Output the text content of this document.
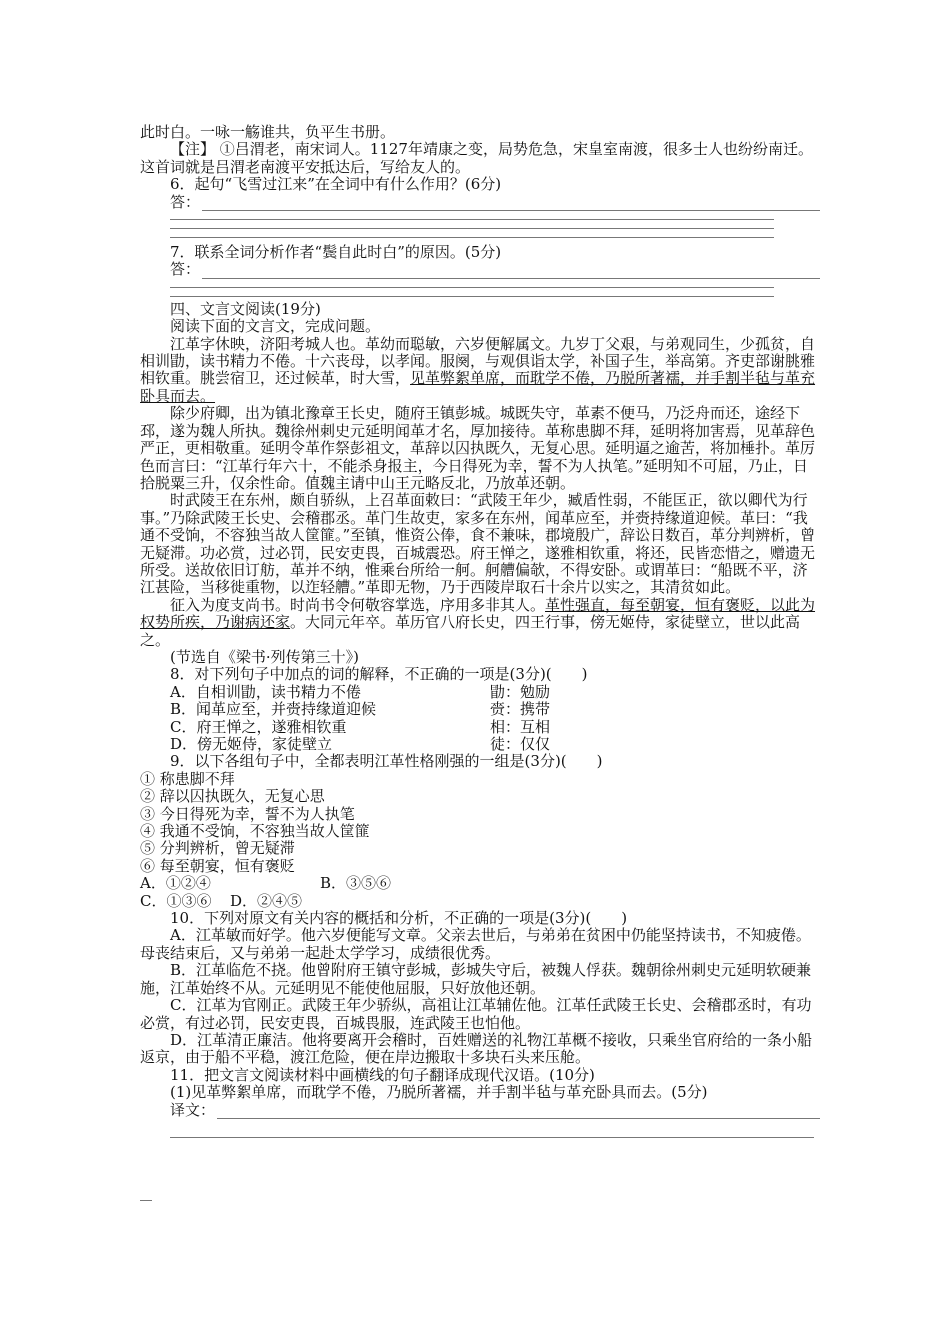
此时白。一咏一觞谁共，负平生书册。

【注】 ①吕渭老，南宋词人。1127年靖康之变，局势危急，宋皇室南渡，很多士人也纷纷南迁。这首词就是吕渭老南渡平安抵达后，写给友人的。

6．起句“飞雪过江来”在全词中有什么作用？(6分)

答：

7．联系全词分析作者“鬓自此时白”的原因。(5分)

答：

四、文言文阅读(19分)

阅读下面的文言文，完成问题。

江革字休映，济阳考城人也。革幼而聪敏，六岁便解属文。九岁丁父艰，与弟观同生，少孤贫，自相训勖，读书精力不倦。十六丧母，以孝闻。服阕，与观俱诣太学，补国子生，举高第。齐吏部谢朓雅相钦重。朓尝宿卫，还过候革，时大雪，见革弊絮单席，而耽学不倦，乃脱所著襦，并手割半毡与革充卧具而去。

除少府卿，出为镇北豫章王长史，随府王镇彭城。城既失守，革素不便马，乃泛舟而还，途经下邳，遂为魏人所执。魏徐州刺史元延明闻革才名，厚加接待。革称患脚不拜，延明将加害焉，见革辞色严正，更相敬重。延明令革作祭彭祖文，革辞以囚执既久，无复心思。延明逼之逾苦，将加棰扑。革厉色而言曰：“江革行年六十，不能杀身报主，今日得死为幸，誓不为人执笔。”延明知不可屈，乃止，日拾脱粟三升，仅余性命。值魏主请中山王元略反北，乃放革还朝。

时武陵王在东州，颇自骄纵，上召革面敕曰：“武陵王年少，臧盾性弱，不能匡正，欲以卿代为行事。”乃除武陵王长史、会稽郡丞。革门生故吏，家多在东州，闻革应至，并赍持缘道迎候。革曰：“我通不受饷，不容独当故人筐篚。”至镇，惟资公俸，食不兼味，郡境殷广，辞讼日数百，革分判辨析，曾无疑滞。功必赏，过必罚，民安吏畏，百城震恐。府王惮之，遂雅相钦重，将还，民皆恋惜之，赠遗无所受。送故依旧订舫，革并不纳，惟乘台所给一舸。舸艚偏欹，不得安卧。或谓革曰：“船既不平，济江甚险，当移徙重物，以迮轻艚。”革即无物，乃于西陵岸取石十余片以实之，其清贫如此。

征入为度支尚书。时尚书令何敬容掌选，序用多非其人。革性强直，每至朝宴，恒有褒贬，以此为权势所疾，乃谢病还家。大同元年卒。革历官八府长史，四王行事，傍无姬侍，家徒壁立，世以此高之。

(节选自《梁书·列传第三十》)

8．对下列句子中加点的词的解释，不正确的一项是(3分)(　　)

A．自相训勖，读书精力不倦	勖：勉励
B．闻革应至，并赍持缘道迎候	赍：携带
C．府王惮之，遂雅相钦重	相：互相
D．傍无姬侍，家徒壁立	徒：仅仅

9．以下各组句子中，全都表明江革性格刚强的一组是(3分)(　　)

① 称患脚不拜

② 辞以囚执既久，无复心思

③ 今日得死为幸，誓不为人执笔

④ 我通不受饷，不容独当故人筐篚

⑤ 分判辨析，曾无疑滞

⑥ 每至朝宴，恒有褒贬

A．①②④	B．③⑤⑥

C．①③⑥ D．②④⑤

10．下列对原文有关内容的概括和分析，不正确的一项是(3分)(　　)

A．江革敏而好学。他六岁便能写文章。父亲去世后，与弟弟在贫困中仍能坚持读书，不知疲倦。母丧结束后，又与弟弟一起赴太学学习，成绩很优秀。

B．江革临危不挠。他曾附府王镇守彭城，彭城失守后，被魏人俘获。魏朝徐州刺史元延明软硬兼施，江革始终不从。元延明见不能使他屈服，只好放他还朝。

C．江革为官刚正。武陵王年少骄纵，高祖让江革辅佐他。江革任武陵王长史、会稽郡丞时，有功必赏，有过必罚，民安吏畏，百城畏服，连武陵王也怕他。

D．江革清正廉洁。他将要离开会稽时，百姓赠送的礼物江革概不接收，只乘坐官府给的一条小船返京，由于船不平稳，渡江危险，便在岸边搬取十多块石头来压舱。

11．把文言文阅读材料中画横线的句子翻译成现代汉语。(10分)

(1)见革弊絮单席，而耽学不倦，乃脱所著襦，并手割半毡与革充卧具而去。(5分)

译文：
